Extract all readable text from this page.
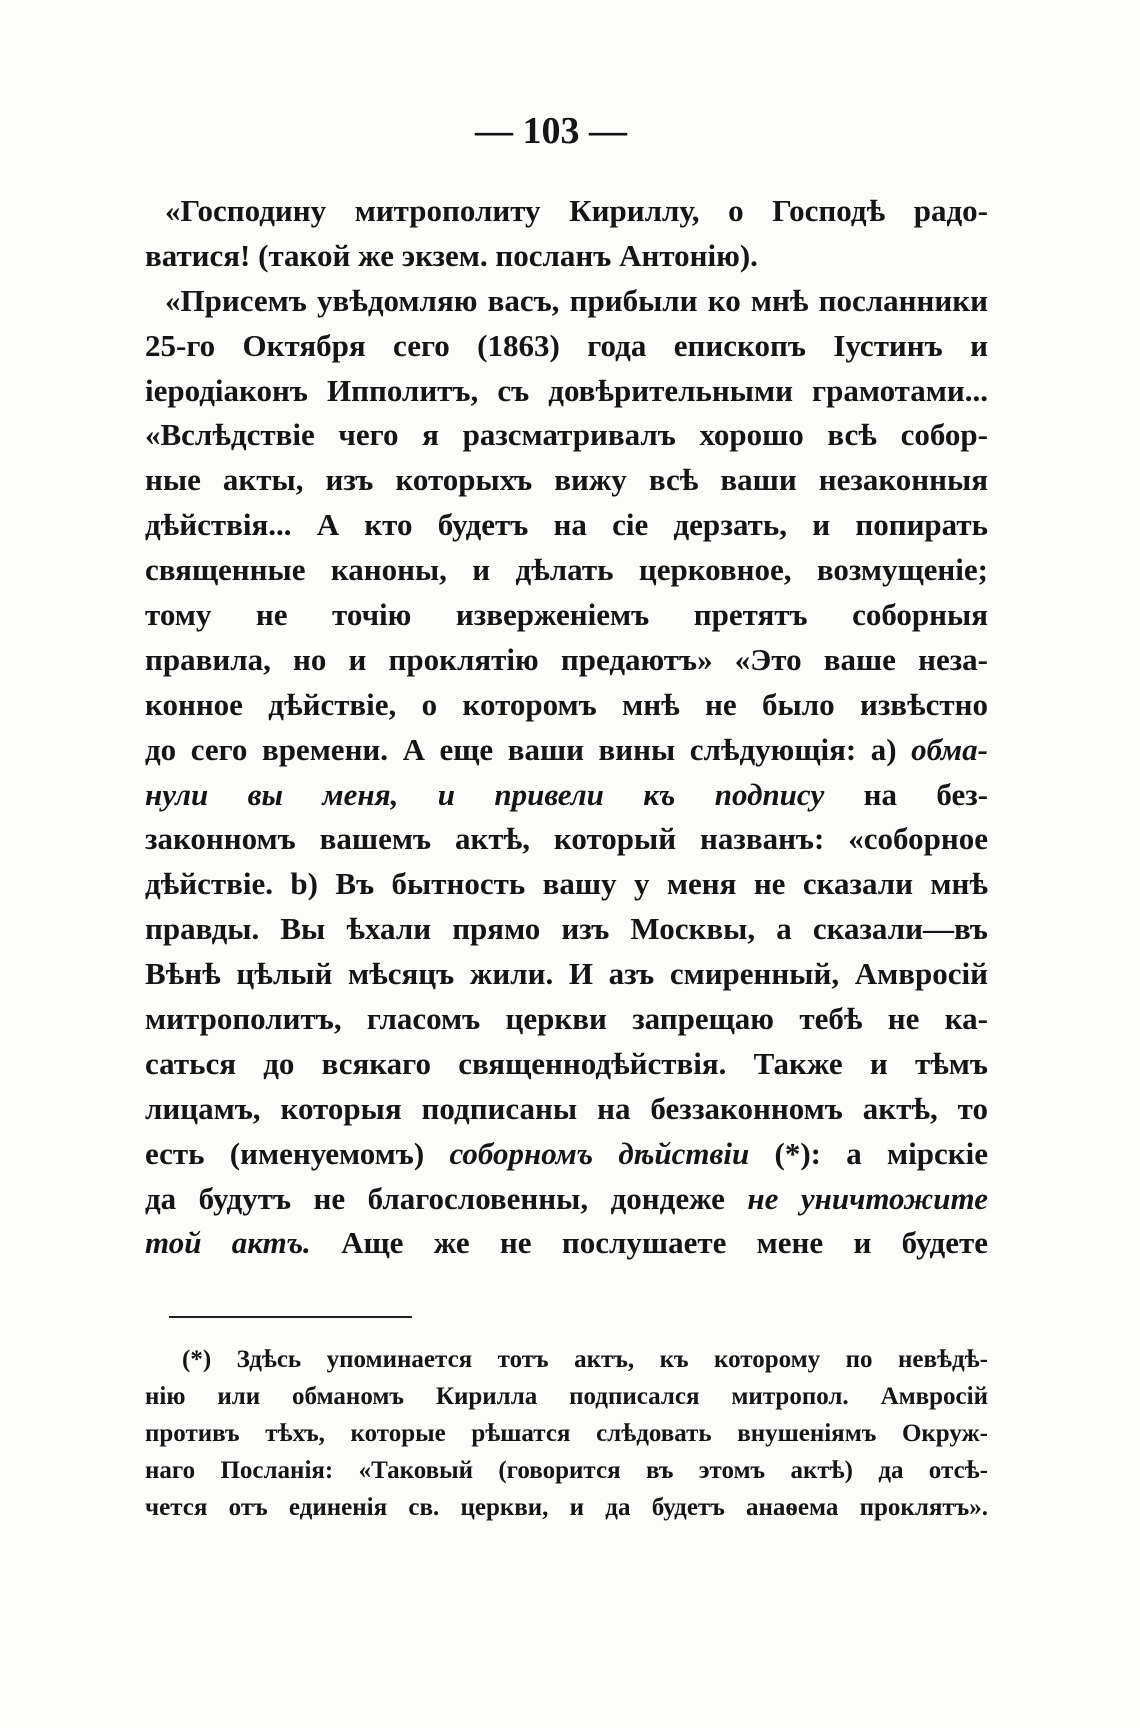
— 103 —
«Господину митрополиту Кириллу, о Господѣ радо-
ватися! (такой же экзем. посланъ Антонію).
«Присемъ увѣдомляю васъ, прибыли ко мнѣ посланники
25-го Октября сего (1863) года епископъ Іустинъ и
іеродіаконъ Ипполитъ, съ довѣрительными грамотами...
«Вслѣдствіе чего я разсматривалъ хорошо всѣ собор-
ные акты, изъ которыхъ вижу всѣ ваши незаконныя
дѣйствія... А кто будетъ на сіе дерзать, и попирать
священные каноны, и дѣлать церковное, возмущеніе;
тому не точію изверженіемъ претятъ соборныя
правила, но и проклятію предаютъ» «Это ваше неза-
конное дѣйствіе, о которомъ мнѣ не было извѣстно
до сего времени. А еще ваши вины слѣдующія: а) обма-
нули вы меня, и привели къ подпису на без-
законномъ вашемъ актѣ, который названъ: «соборное
дѣйствіе. b) Въ бытность вашу у меня не сказали мнѣ
правды. Вы ѣхали прямо изъ Москвы, а сказали—въ
Вѣнѣ цѣлый мѣсяцъ жили. И азъ смиренный, Амвросій
митрополитъ, гласомъ церкви запрещаю тебѣ не ка-
саться до всякаго священнодѣйствія. Также и тѣмъ
лицамъ, которыя подписаны на беззаконномъ актѣ, то
есть (именуемомъ) соборномъ дѣйствіи (*): а мірскіе
да будутъ не благословенны, дондеже не уничтожите
той актъ. Аще же не послушаете мене и будете
(*) Здѣсь упоминается тотъ актъ, къ которому по невѣдѣ-
нію или обманомъ Кирилла подписался митропол. Амвросій
противъ тѣхъ, которые рѣшатся слѣдовать внушеніямъ Окруж-
наго Посланія: «Таковый (говорится въ этомъ актѣ) да отсѣ-
чется отъ единенія св. церкви, и да будетъ анаѳема проклятъ».
